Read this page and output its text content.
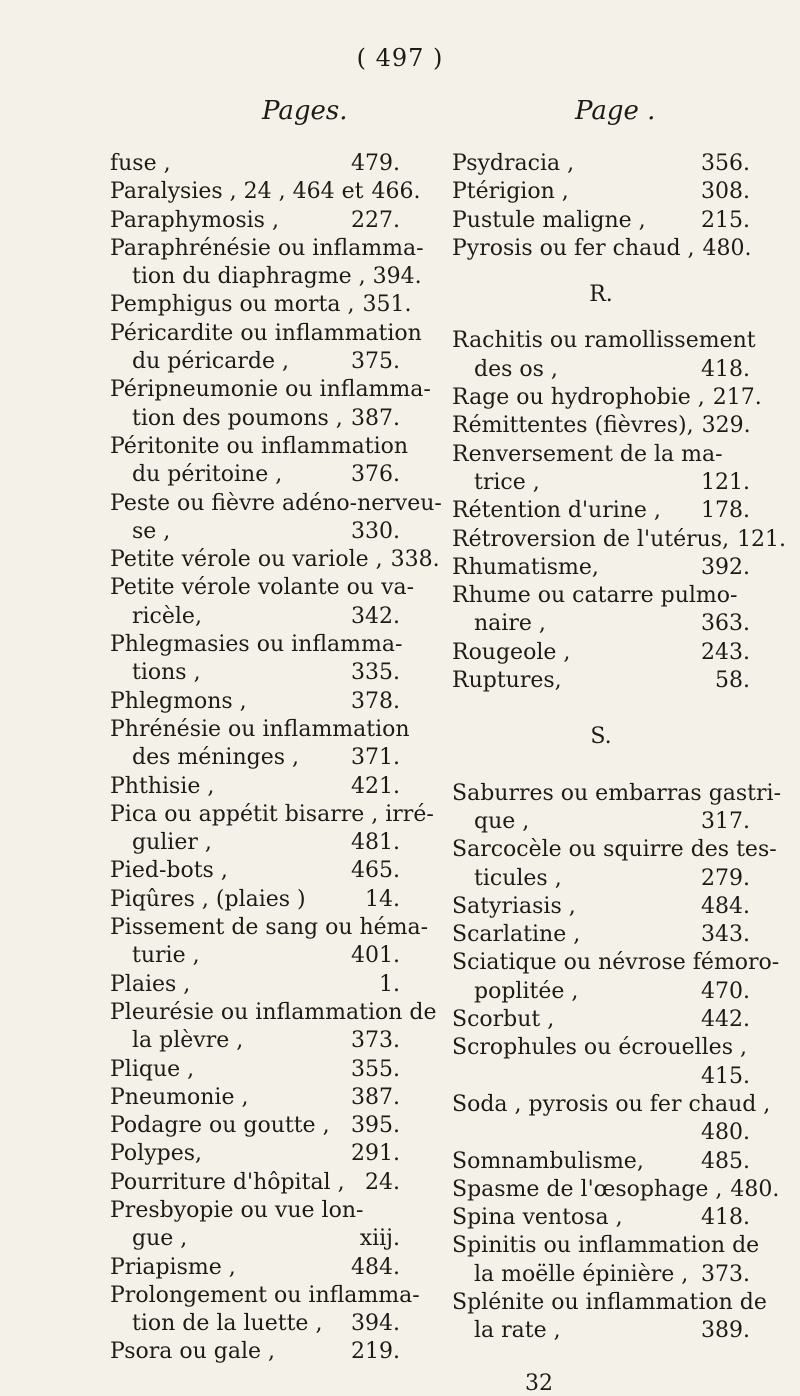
( 497 )
Pages.	Page .
fuse ,	479.
Paralysies , 24 , 464 et 466.
Paraphymosis ,	227.
Paraphrénésie ou inflamma-
tion du diaphragme , 394.
Pemphigus ou morta , 351.
Péricardite ou inflammation
du péricarde ,	375.
Péripneumonie ou inflamma-
tion des poumons , 387.
Péritonite ou inflammation
du péritoine ,	376.
Peste ou fièvre adéno-nerveu-
se ,	330.
Petite vérole ou variole , 338.
Petite vérole volante ou va-
ricèle,	342.
Phlegmasies ou inflamma-
tions ,	335.
Phlegmons ,	378.
Phrénésie ou inflammation
des méninges ,	371.
Phthisie ,	421.
Pica ou appétit bisarre , irré-
gulier ,	481.
Pied-bots ,	465.
Piqûres , (plaies )	14.
Pissement de sang ou héma-
turie ,	401.
Plaies ,	1.
Pleurésie ou inflammation de
la plèvre ,	373.
Plique ,	355.
Pneumonie ,	387.
Podagre ou goutte , 395.
Polypes,	291.
Pourriture d'hôpital , 24.
Presbyopie ou vue lon-
gue ,	xiij.
Priapisme ,	484.
Prolongement ou inflamma-
tion de la luette ,	394.
Psora ou gale ,	219.
Psydracia ,	356.
Ptérigion ,	308.
Pustule maligne ,	215.
Pyrosis ou fer chaud , 480.

R.

Rachitis ou ramollissement
des os ,	418.
Rage ou hydrophobie , 217.
Rémittentes (fièvres), 329.
Renversement de la ma-
trice ,	121.
Rétention d'urine ,	178.
Rétroversion de l'utérus, 121.
Rhumatisme,	392.
Rhume ou catarre pulmo-
naire ,	363.
Rougeole ,	243.
Ruptures,	58.

S.

Saburres ou embarras gastri-
que ,	317.
Sarcocèle ou squirre des tes-
ticules ,	279.
Satyriasis ,	484.
Scarlatine ,	343.
Sciatique ou névrose fémoro-
poplitée ,	470.
Scorbut ,	442.
Scrophules ou écrouelles ,
415.
Soda , pyrosis ou fer chaud ,
480.
Somnambulisme,	485.
Spasme de l'œsophage , 480.
Spina ventosa ,	418.
Spinitis ou inflammation de
la moëlle épinière , 373.
Splénite ou inflammation de
la rate ,	389.
32
